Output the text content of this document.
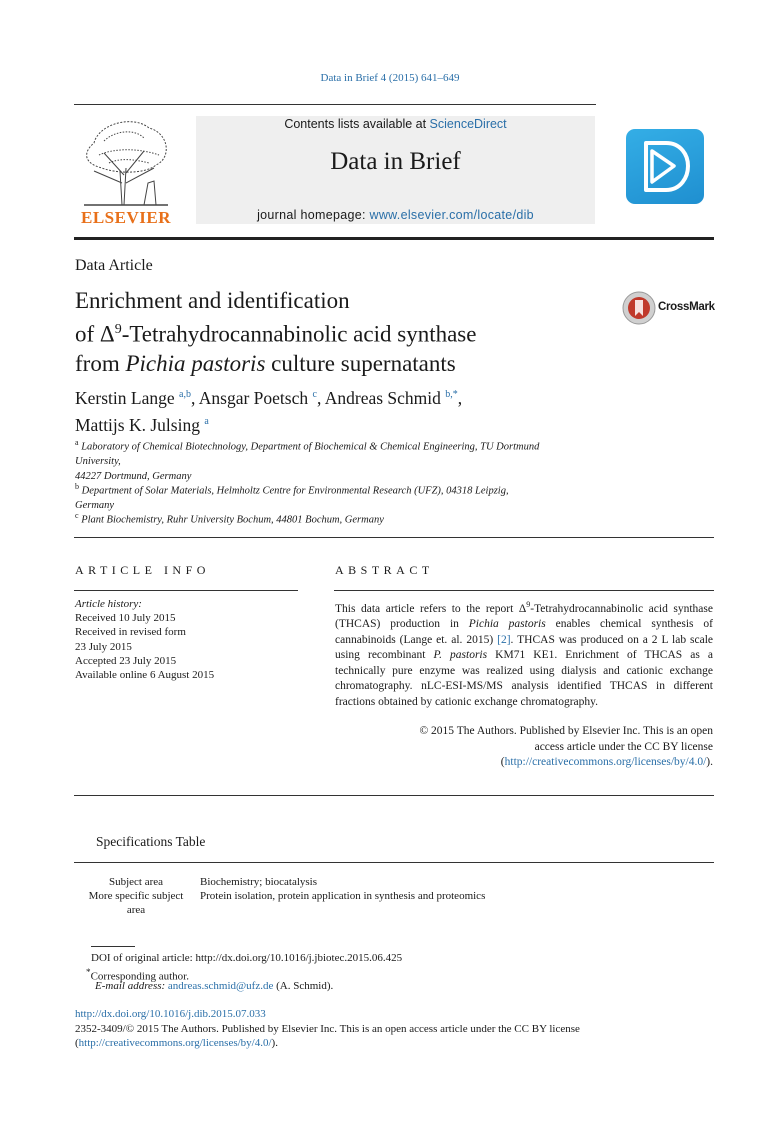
Data in Brief 4 (2015) 641–649
ELSEVIER
Contents lists available at ScienceDirect
Data in Brief
journal homepage: www.elsevier.com/locate/dib
Data Article
Enrichment and identification
of $\Delta^9$-Tetrahydrocannabinolic acid synthase
from Pichia pastoris culture supernatants
CrossMark
Kerstin Lange $^{a,b}$, Ansgar Poetsch $^c$, Andreas Schmid $^{b,*}$,
Mattijs K. Julsing $^a$
$^a$ Laboratory of Chemical Biotechnology, Department of Biochemical & Chemical Engineering, TU Dortmund
University,
44227 Dortmund, Germany
$^b$ Department of Solar Materials, Helmholtz Centre for Environmental Research (UFZ), 04318 Leipzig,
Germany
$^c$ Plant Biochemistry, Ruhr University Bochum, 44801 Bochum, Germany
ARTICLE INFO
Article history:
Received 10 July 2015
Received in revised form
23 July 2015
Accepted 23 July 2015
Available online 6 August 2015
ABSTRACT
This data article refers to the report $\Delta^9$-Tetrahydrocannabinolic acid synthase (THCAS) production in Pichia pastoris enables chemical synthesis of cannabinoids (Lange et. al. 2015) [2]. THCAS was produced on a 2 L lab scale using recombinant P. pastoris KM71 KE1. Enrichment of THCAS as a technically pure enzyme was realized using dialysis and cationic exchange chromatography. nLC-ESI-MS/MS analysis identified THCAS in different fractions obtained by cationic exchange chromatography.
© 2015 The Authors. Published by Elsevier Inc. This is an open
access article under the CC BY license
(http://creativecommons.org/licenses/by/4.0/).
Specifications Table
Subject area	Biochemistry; biocatalysis
More specific subject
area
Protein isolation, protein application in synthesis and proteomics
DOI of original article: http://dx.doi.org/10.1016/j.jbiotec.2015.06.425
*Corresponding author.
E-mail address: andreas.schmid@ufz.de (A. Schmid).
http://dx.doi.org/10.1016/j.dib.2015.07.033
2352-3409/© 2015 The Authors. Published by Elsevier Inc. This is an open access article under the CC BY license
(http://creativecommons.org/licenses/by/4.0/).
